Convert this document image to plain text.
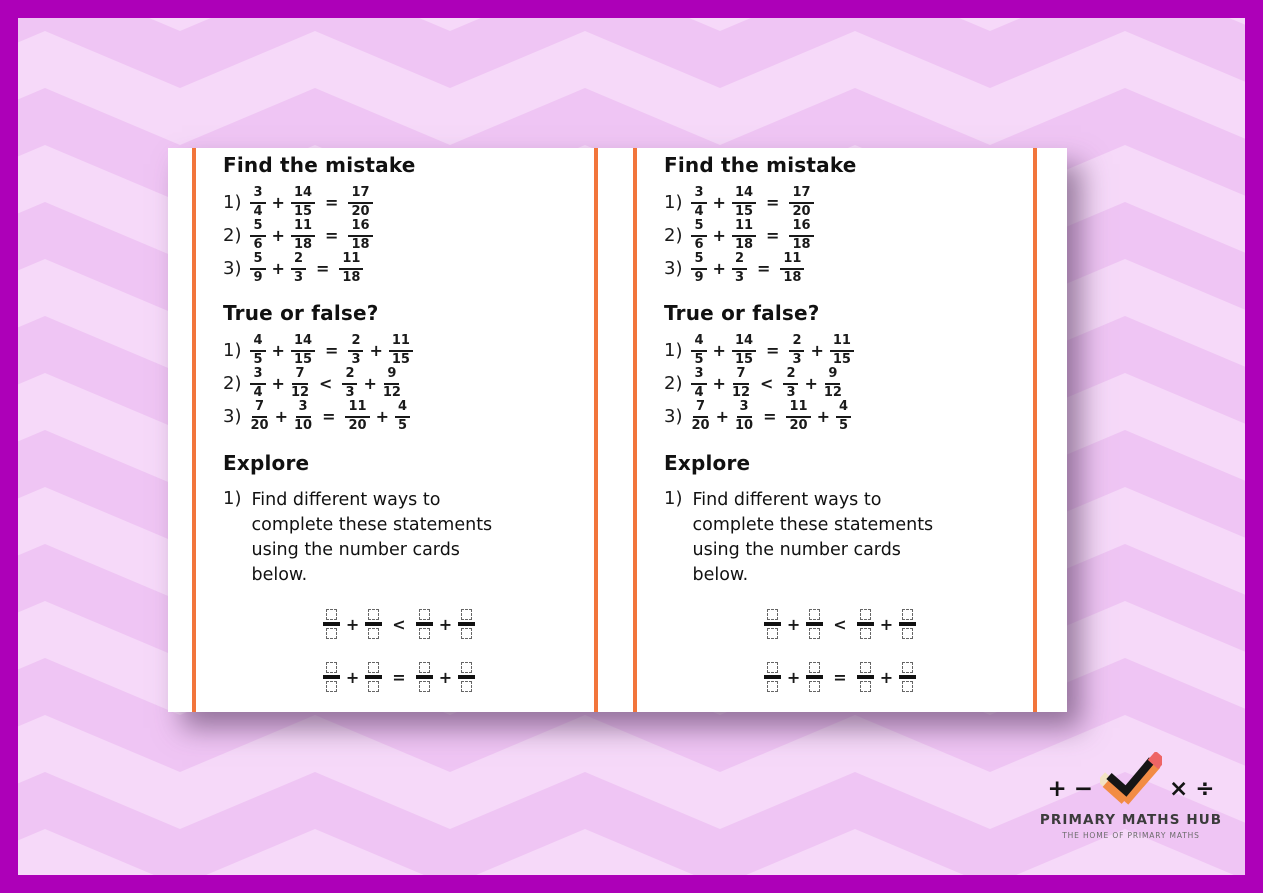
Find the mistake
$1) \frac{3}{4} + \frac{14}{15} = \frac{17}{20}$
$2) \frac{5}{6} + \frac{11}{18} = \frac{16}{18}$
$3) \frac{5}{9} + \frac{2}{3} = \frac{11}{18}$
True or false?
$1) \frac{4}{5} + \frac{14}{15} = \frac{2}{3} + \frac{11}{15}$
$2) \frac{3}{4} + \frac{7}{12} < \frac{2}{3} + \frac{9}{12}$
$3) \frac{7}{20} + \frac{3}{10} = \frac{11}{20} + \frac{4}{5}$
Explore
1) Find different ways to complete these statements using the number cards below.

+ < +
+ = +
Find the mistake
$1) \frac{3}{4} + \frac{14}{15} = \frac{17}{20}$
$2) \frac{5}{6} + \frac{11}{18} = \frac{16}{18}$
$3) \frac{5}{9} + \frac{2}{3} = \frac{11}{18}$
True or false?
$1) \frac{4}{5} + \frac{14}{15} = \frac{2}{3} + \frac{11}{15}$
$2) \frac{3}{4} + \frac{7}{12} < \frac{2}{3} + \frac{9}{12}$
$3) \frac{7}{20} + \frac{3}{10} = \frac{11}{20} + \frac{4}{5}$
Explore
1) Find different ways to complete these statements using the number cards below.

+ < +
+ = +
+ −	× ÷
PRIMARY MATHS HUB
THE HOME OF PRIMARY MATHS
